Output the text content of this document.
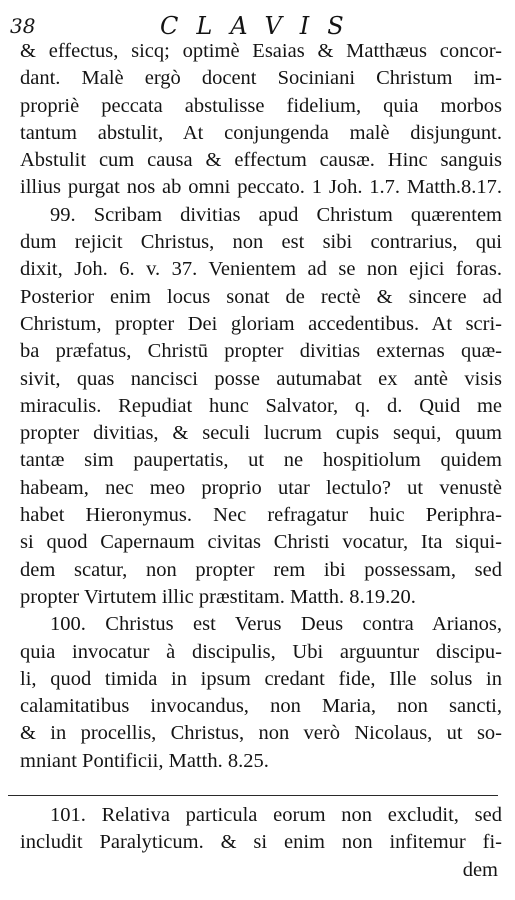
38	CLAVIS
& effectus, sicq; optimè Esaias & Matthæus concor-
dant. Malè ergò docent Sociniani Christum im-
propriè peccata abstulisse fidelium, quia morbos
tantum abstulit, At conjungenda malè disjungunt.
Abstulit cum causa & effectum causæ. Hinc sanguis
illius purgat nos ab omni peccato. 1 Joh. 1.7. Matth.8.17.
99. Scribam divitias apud Christum quærentem
dum rejicit Christus, non est sibi contrarius, qui
dixit, Joh. 6. v. 37. Venientem ad se non ejici foras.
Posterior enim locus sonat de rectè & sincere ad
Christum, propter Dei gloriam accedentibus. At scri-
ba præfatus, Christū propter divitias externas quæ-
sivit, quas nancisci posse autumabat ex antè visis
miraculis. Repudiat hunc Salvator, q. d. Quid me
propter divitias, & seculi lucrum cupis sequi, quum
tantæ sim paupertatis, ut ne hospitiolum quidem
habeam, nec meo proprio utar lectulo? ut venustè
habet Hieronymus. Nec refragatur huic Periphra-
si quod Capernaum civitas Christi vocatur, Ita siqui-
dem scatur, non propter rem ibi possessam, sed
propter Virtutem illic præstitam. Matth. 8.19.20.
100. Christus est Verus Deus contra Arianos,
quia invocatur à discipulis, Ubi arguuntur discipu-
li, quod timida in ipsum credant fide, Ille solus in
calamitatibus invocandus, non Maria, non sancti,
& in procellis, Christus, non verò Nicolaus, ut so-
mniant Pontificii, Matth. 8.25.
101. Relativa particula eorum non excludit, sed
includit Paralyticum. & si enim non infitemur fi-
dem
